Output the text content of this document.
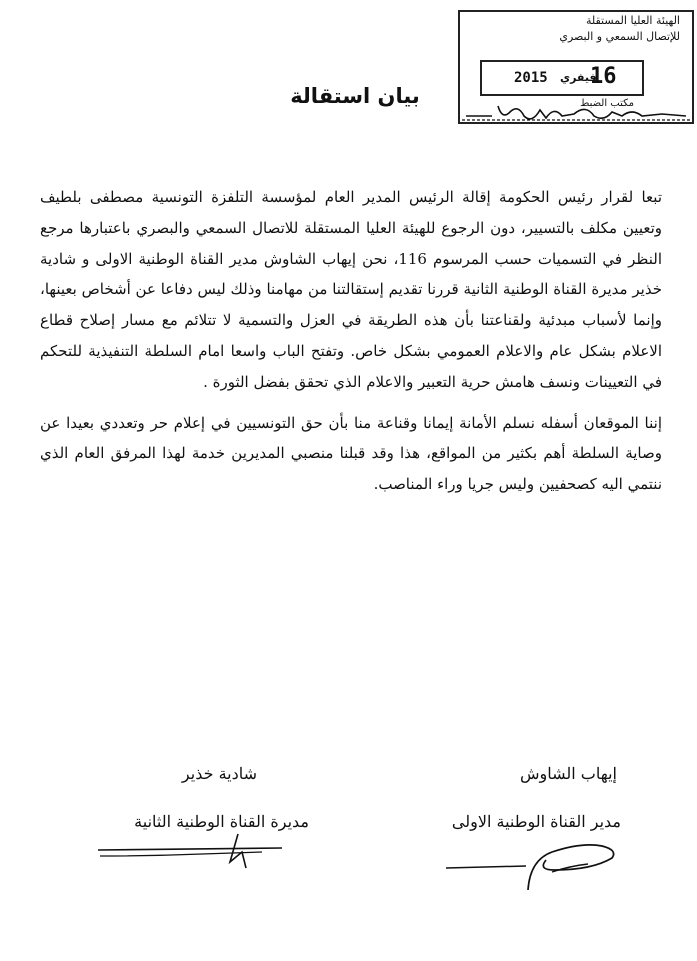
الهيئة العليا المستقلة
للإتصال السمعي و البصري
2015 فيفري
16
مكتب الضبط
بيان استقالة

تبعا لقرار رئيس الحكومة إقالة الرئيس المدير العام لمؤسسة التلفزة التونسية مصطفى بلطيف وتعيين مكلف بالتسيير، دون الرجوع للهيئة العليا المستقلة للاتصال السمعي والبصري باعتبارها مرجع النظر في التسميات حسب المرسوم 116، نحن إيهاب الشاوش مدير القناة الوطنية الاولى و شادية خذير مديرة القناة الوطنية الثانية قررنا تقديم إستقالتنا من مهامنا وذلك ليس دفاعا عن أشخاص بعينها، وإنما لأسباب مبدئية ولقناعتنا بأن هذه الطريقة في العزل والتسمية لا تتلائم مع مسار إصلاح قطاع الاعلام بشكل عام والاعلام العمومي بشكل خاص. وتفتح الباب واسعا امام السلطة التنفيذية للتحكم في التعيينات ونسف هامش حرية التعبير والاعلام الذي تحقق بفضل الثورة .

إننا الموقعان أسفله نسلم الأمانة إيمانا وقناعة منا بأن حق التونسيين في إعلام حر وتعددي بعيدا عن وصاية السلطة أهم بكثير من المواقع، هذا وقد قبلنا منصبي المديرين خدمة لهذا المرفق العام الذي ننتمي اليه كصحفيين وليس جريا وراء المناصب.

إيهاب الشاوش
مدير القناة الوطنية الاولى
شادية خذير
مديرة القناة الوطنية الثانية
